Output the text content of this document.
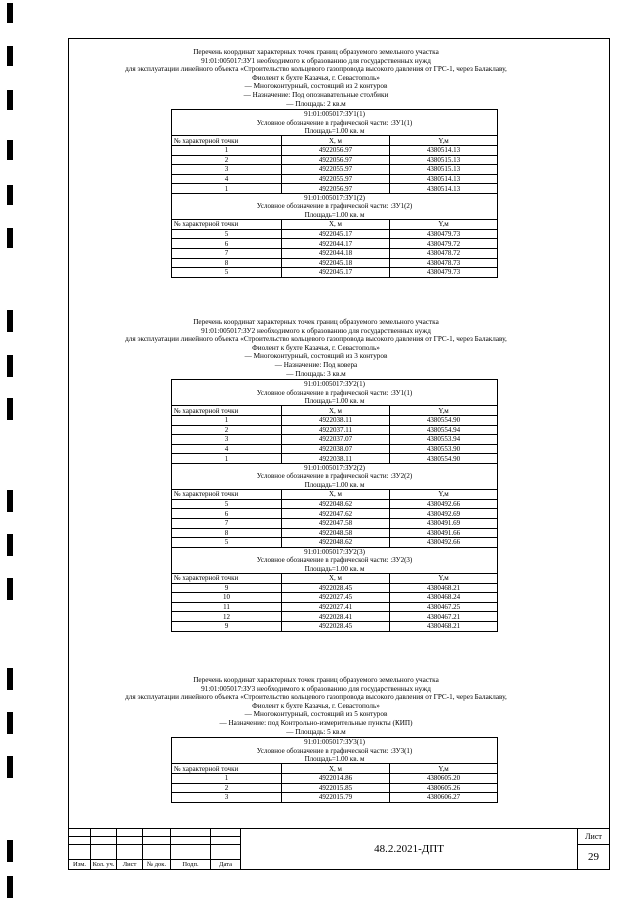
Перечень координат характерных точек границ образуемого земельного участка
91:01:005017:ЗУ1 необходимого к образованию для государственных нужд
для эксплуатации линейного объекта «Строительство кольцевого газопровода высокого давления от ГРС-1, через Балаклаву,
Фиолент к бухте Казачья, г. Севастополь»
— Многоконтурный, состоящий из 2 контуров
— Назначение: Под опознавательные столбики
— Площадь: 2 кв.м
91:01:005017:ЗУ1(1)
Условное обозначение в графической части: :ЗУ1(1)
Площадь=1.00 кв. м		

№ характерной точки	X, м	Y,м
1	4922056.97	4380514.13
2	4922056.97	4380515.13
3	4922055.97	4380515.13
4	4922055.97	4380514.13
1	4922056.97	4380514.13

91:01:005017:ЗУ1(2)
Условное обозначение в графической части: :ЗУ1(2)
Площадь=1.00 кв. м		

№ характерной точки	X, м	Y,м
5	4922045.17	4380479.73
6	4922044.17	4380479.72
7	4922044.18	4380478.72
8	4922045.18	4380478.73
5	4922045.17	4380479.73
Перечень координат характерных точек границ образуемого земельного участка
91:01:005017:ЗУ2 необходимого к образованию для государственных нужд
для эксплуатации линейного объекта «Строительство кольцевого газопровода высокого давления от ГРС-1, через Балаклаву,
Фиолент к бухте Казачья, г. Севастополь»
— Многоконтурный, состоящий из 3 контуров
— Назначение: Под ковера
— Площадь: 3 кв.м
91:01:005017:ЗУ2(1)
Условное обозначение в графической части: :ЗУ1(1)
Площадь=1.00 кв. м		

№ характерной точки	X, м	Y,м
1	4922038.11	4380554.90
2	4922037.11	4380554.94
3	4922037.07	4380553.94
4	4922038.07	4380553.90
1	4922038.11	4380554.90

91:01:005017:ЗУ2(2)
Условное обозначение в графической части: :ЗУ2(2)
Площадь=1.00 кв. м		

№ характерной точки	X, м	Y,м
5	4922048.62	4380492.66
6	4922047.62	4380492.69
7	4922047.58	4380491.69
8	4922048.58	4380491.66
5	4922048.62	4380492.66

91:01:005017:ЗУ2(3)
Условное обозначение в графической части: :ЗУ2(3)
Площадь=1.00 кв. м		

№ характерной точки	X, м	Y,м
9	4922028.45	4380468.21
10	4922027.45	4380468.24
11	4922027.41	4380467.25
12	4922028.41	4380467.21
9	4922028.45	4380468.21
Перечень координат характерных точек границ образуемого земельного участка
91:01:005017:ЗУ3 необходимого к образованию для государственных нужд
для эксплуатации линейного объекта «Строительство кольцевого газопровода высокого давления от ГРС-1, через Балаклаву,
Фиолент к бухте Казачья, г. Севастополь»
— Многоконтурный, состоящий из 5 контуров
— Назначение: под Контрольно-измерительные пункты (КИП)
— Площадь: 5 кв.м
91:01:005017:ЗУ3(1)
Условное обозначение в графической части: :ЗУ3(1)
Площадь=1.00 кв. м		

№ характерной точки	X, м	Y,м
1	4922014.86	4380605.20
2	4922015.85	4380605.26
3	4922015.79	4380606.27
						48.2.2021-ДПТ	Лист

							29
Изм.	Кол. уч.	Лист	№ док.	Подп.	Дата		
